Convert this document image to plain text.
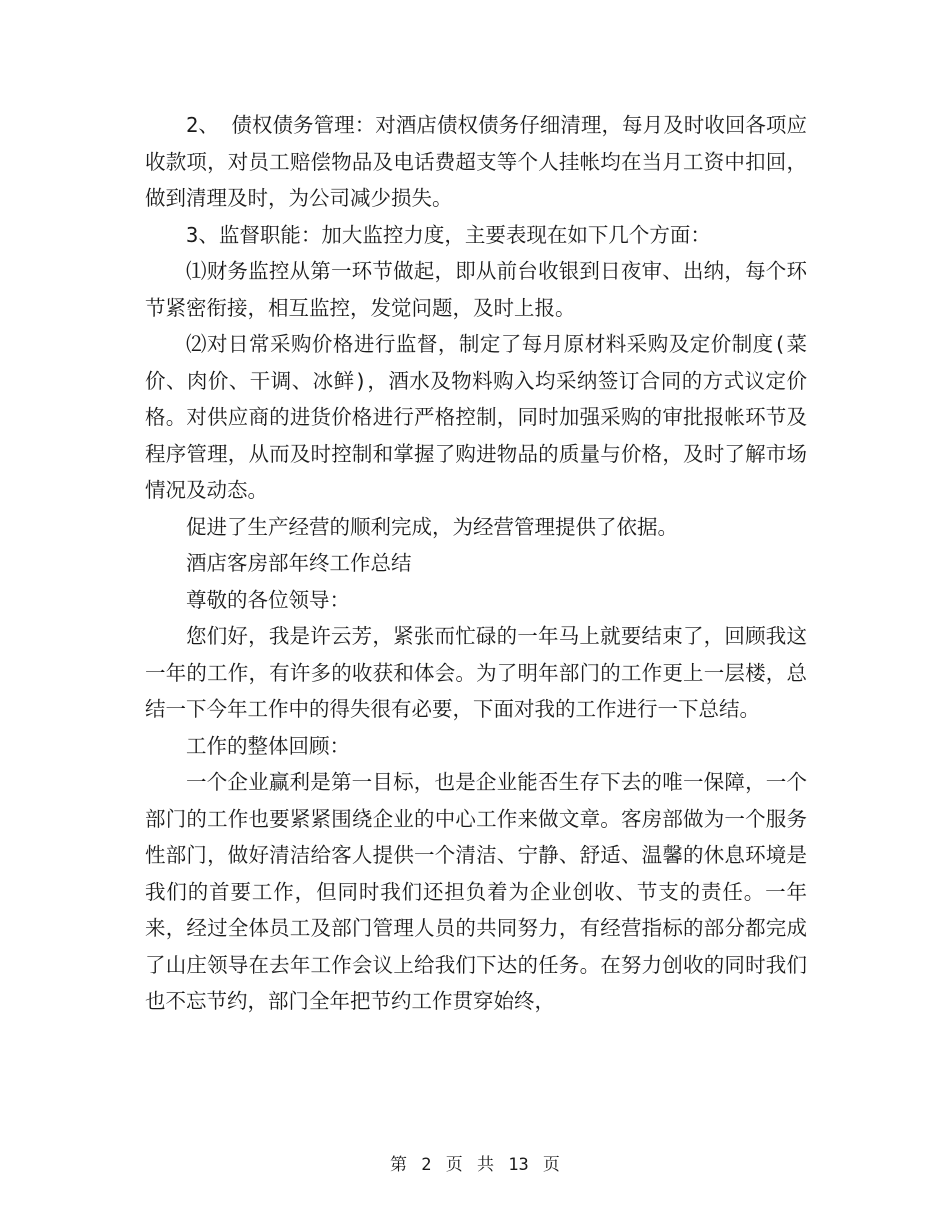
2、 债权债务管理：对酒店债权债务仔细清理，每月及时收回各项应收款项，对员工赔偿物品及电话费超支等个人挂帐均在当月工资中扣回，做到清理及时，为公司减少损失。

3、监督职能：加大监控力度，主要表现在如下几个方面：

⑴财务监控从第一环节做起，即从前台收银到日夜审、出纳，每个环节紧密衔接，相互监控，发觉问题，及时上报。

⑵对日常采购价格进行监督，制定了每月原材料采购及定价制度(菜价、肉价、干调、冰鲜)，酒水及物料购入均采纳签订合同的方式议定价格。对供应商的进货价格进行严格控制，同时加强采购的审批报帐环节及程序管理，从而及时控制和掌握了购进物品的质量与价格，及时了解市场情况及动态。

促进了生产经营的顺利完成，为经营管理提供了依据。

酒店客房部年终工作总结

尊敬的各位领导：

您们好，我是许云芳，紧张而忙碌的一年马上就要结束了，回顾我这一年的工作，有许多的收获和体会。为了明年部门的工作更上一层楼，总结一下今年工作中的得失很有必要，下面对我的工作进行一下总结。

工作的整体回顾：

一个企业赢利是第一目标，也是企业能否生存下去的唯一保障，一个部门的工作也要紧紧围绕企业的中心工作来做文章。客房部做为一个服务性部门，做好清洁给客人提供一个清洁、宁静、舒适、温馨的休息环境是我们的首要工作，但同时我们还担负着为企业创收、节支的责任。一年来，经过全体员工及部门管理人员的共同努力，有经营指标的部分都完成了山庄领导在去年工作会议上给我们下达的任务。在努力创收的同时我们也不忘节约，部门全年把节约工作贯穿始终，

第 2 页 共 13 页
